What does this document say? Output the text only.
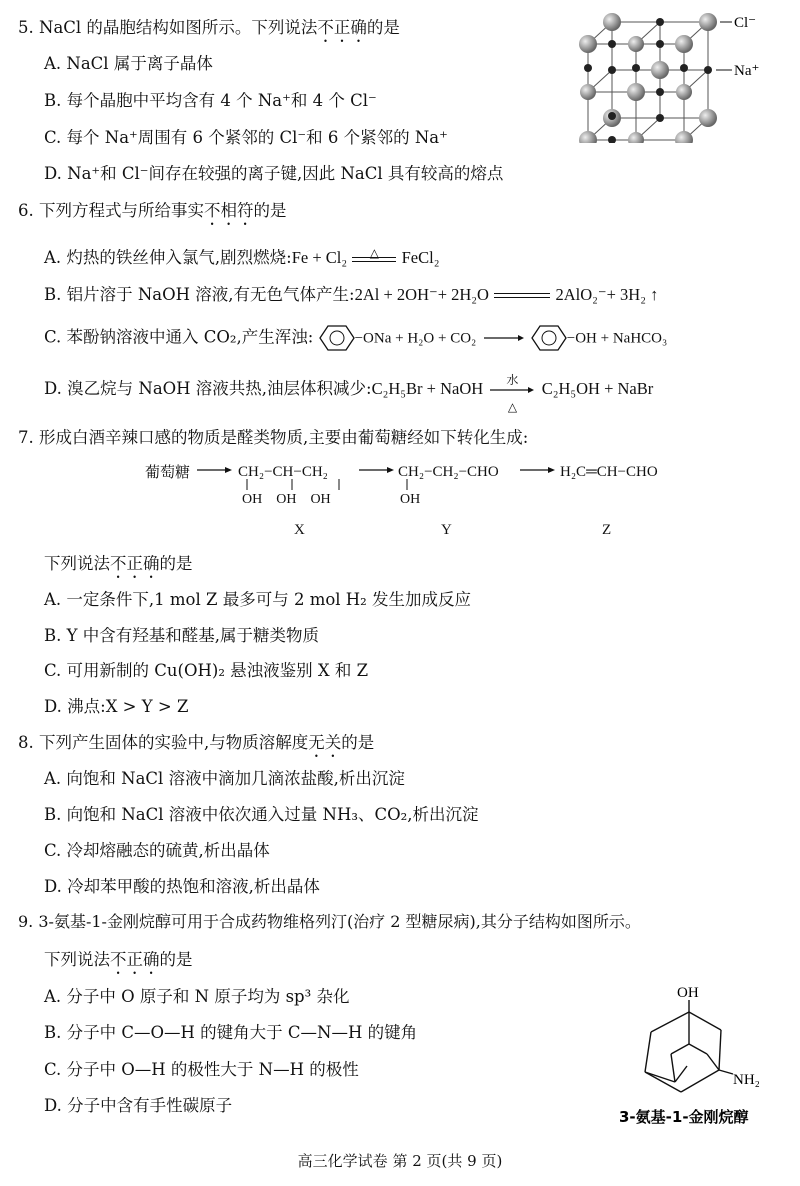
5. NaCl 的晶胞结构如图所示。下列说法不正确的是
A. NaCl 属于离子晶体
B. 每个晶胞中平均含有 4 个 Na⁺和 4 个 Cl⁻
C. 每个 Na⁺周围有 6 个紧邻的 Cl⁻和 6 个紧邻的 Na⁺
D. Na⁺和 Cl⁻间存在较强的离子键,因此 NaCl 具有较高的熔点
Cl⁻
Na⁺
6. 下列方程式与所给事实不相符的是
A. 灼热的铁丝伸入氯气,剧烈燃烧:Fe + Cl₂	△	FeCl₂
B. 铝片溶于 NaOH 溶液,有无色气体产生:2Al + 2OH⁻+ 2H₂O	2AlO₂⁻+ 3H₂ ↑
C. 苯酚钠溶液中通入 CO₂,产生浑浊:	−ONa + H₂O + CO₂	−OH + NaHCO₃
D. 溴乙烷与 NaOH 溶液共热,油层体积减少:C₂H₅Br + NaOH	水
△
C₂H₅OH + NaBr
7. 形成白酒辛辣口感的物质是醛类物质,主要由葡萄糖经如下转化生成:
葡萄糖	CH₂−CH−CH₂
OH    OH    OH
CH₂−CH₂−CHO
OH
H₂C═CH−CHO
X	Y	Z
下列说法不正确的是
A. 一定条件下,1 mol Z 最多可与 2 mol H₂ 发生加成反应
B. Y 中含有羟基和醛基,属于糖类物质
C. 可用新制的 Cu(OH)₂ 悬浊液鉴别 X 和 Z
D. 沸点:X > Y > Z
8. 下列产生固体的实验中,与物质溶解度无关的是
A. 向饱和 NaCl 溶液中滴加几滴浓盐酸,析出沉淀
B. 向饱和 NaCl 溶液中依次通入过量 NH₃、CO₂,析出沉淀
C. 冷却熔融态的硫黄,析出晶体
D. 冷却苯甲酸的热饱和溶液,析出晶体
9. 3-氨基-1-金刚烷醇可用于合成药物维格列汀(治疗 2 型糖尿病),其分子结构如图所示。
下列说法不正确的是
A. 分子中 O 原子和 N 原子均为 sp³ 杂化
B. 分子中 C—O—H 的键角大于 C—N—H 的键角
C. 分子中 O—H 的极性大于 N—H 的极性
D. 分子中含有手性碳原子
OH
NH₂
3-氨基-1-金刚烷醇
高三化学试卷 第 2 页(共 9 页)
